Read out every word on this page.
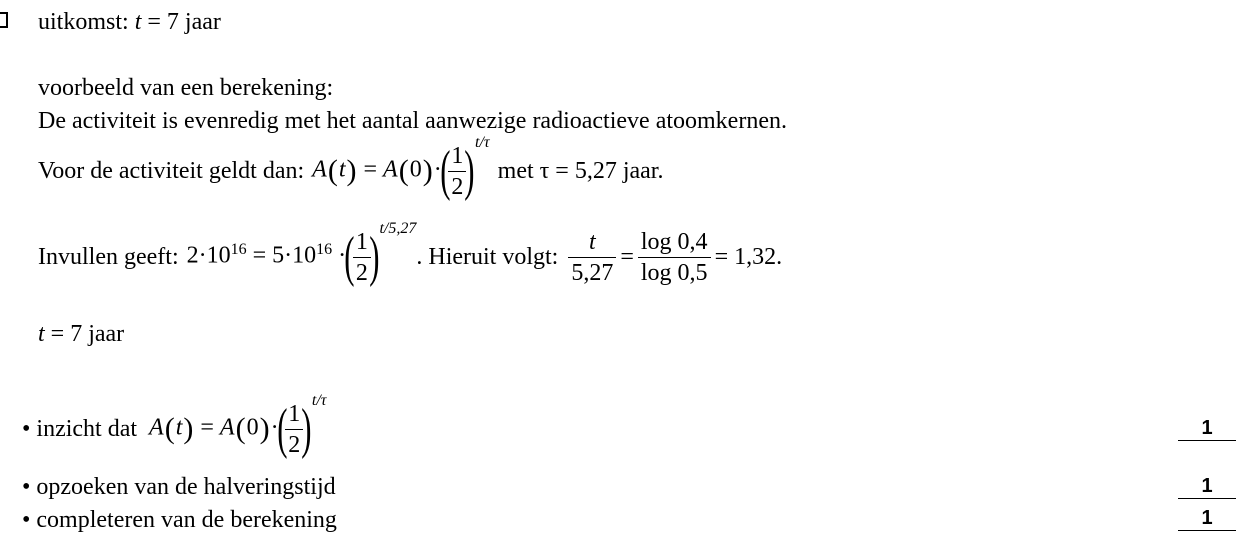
uitkomst: t = 7 jaar
voorbeeld van een berekening:
De activiteit is evenredig met het aantal aanwezige radioactieve atoomkernen.
Voor de activiteit geldt dan: A(t) = A(0)·(
$\frac{1}{2}$
)$^{t/\tau}$
met τ = 5,27 jaar.
Invullen geeft: $2\cdot 10^{16} = 5\cdot 10^{16}$ ·(
$\frac{1}{2}$
)$^{t/5,27}$
. Hieruit volgt: $\frac{t}{5,27} = \frac{\log 0,4}{\log 0,5} = 1,32$.
t = 7 jaar
• inzicht dat A(t) = A(0)·(
$\frac{1}{2}$
)$^{t/\tau}$
1
• opzoeken van de halveringstijd	1
• completeren van de berekening	1
